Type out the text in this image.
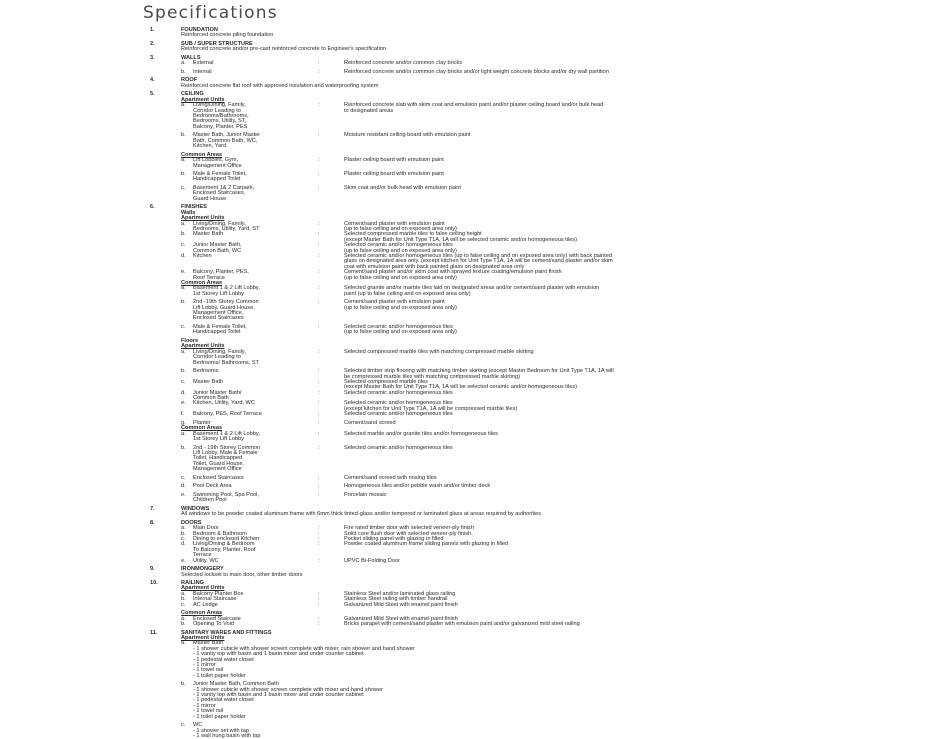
Specifications
1.	FOUNDATION
Reinforced concrete piling foundation
2.	SUB / SUPER STRUCTURE
Reinforced concrete and/or pre-cast reinforced concrete to Engineer's specification
3.	WALLS
a. External	:	Reinforced concrete and/or common clay bricks
b. Internal	:	Reinforced concrete and/or common clay bricks and/or light weight concrete blocks and/or dry wall partition
4.	ROOF
Reinforced concrete flat roof with approved insulation and waterproofing system
5.	CEILING
Apartment Units
a. Living/Dining, Family,	:	Reinforced concrete slab with skim coat and emulsion paint and/or plaster ceiling board and/or bulk head
Corridor Leading to	to designated areas
Bedrooms/Bathrooms,
Bedrooms, Utility, ST,
Balcony, Planter, PES
b. Master Bath, Junior Master	:	Moisture resistant ceiling board with emulsion paint
Bath, Common Bath, WC,
Kitchen, Yard
Common Areas
a. Lift Lobbies, Gym,	:	Plaster ceiling board with emulsion paint
Management Office
b. Male & Female Toilet,	:	Plaster ceiling board with emulsion paint
Handicapped Toilet
c. Basement 1& 2 Carpark,	:	Skim coat and/or bulk head with emulsion paint
Enclosed Staircases,
Guard House
6.	FINISHES
Walls
Apartment Units
a. Living/Dining, Family,	:	Cement/sand plaster with emulsion paint
Bedrooms, Utility, Yard, ST	(up to false ceiling and on exposed area only)
b. Master Bath	:	Selected compressed marble tiles to false ceiling height
(except Master Bath for Unit Type T1A, 1A will be selected ceramic and/or homogeneous tiles)
c. Junior Master Bath,	:	Selected ceramic and/or homogeneous tiles
Common Bath, WC	(up to false ceiling and on exposed area only)
d. Kitchen	:	Selected ceramic and/or homogeneous tiles (up to false ceiling and on exposed area only) with back painted
glass on designated area only. (except kitchen for Unit Type T1A, 1A will be cement/sand plaster and/or skim
coat with emulsion paint with back painted glass on designated area only
e. Balcony, Planter, PES,	:	Cement/sand plaster and/or skim coat with sprayed texture coating/emulsion paint finish
Roof Terrace	(up to false ceiling and on exposed area only)
Common Areas
a. Basement 1 & 2 Lift Lobby,	:	Selected granite and/or marble tiles laid on designated areas and/or cement/sand plaster with emulsion
1st Storey Lift Lobby	paint (up to false ceiling and on exposed area only)
b. 2nd -19th Storey Common	:	Cement/sand plaster with emulsion paint
Lift Lobby, Guard House,	(up to false ceiling and on exposed area only)
Management Office,
Enclosed Staircases
c. Male & Female Toilet,	:	Selected ceramic and/or homogeneous tiles
Handicapped Toilet	(up to false ceiling and on exposed area only)
Floors
Apartment Units
a. Living/Dining, Family,	:	Selected compressed marble tiles with matching compressed marble skirting
Corridor Leading to
Bedrooms/ Bathrooms, ST
b. Bedrooms	:	Selected timber strip flooring with matching timber skirting (except Master Bedroom for Unit Type T1A, 1A will
be compressed marble tiles with matching compressed marble skirting)
c. Master Bath	:	Selected compressed marble tiles
(except Master Bath for Unit Type T1A, 1A will be selected ceramic and/or homogeneous tiles)
d. Junior Master Bath/	:	Selected ceramic and/or homogeneous tiles
Common Bath
e. Kitchen, Utility, Yard, WC	:	Selected ceramic and/or homogeneous tiles
(except kitchen for Unit Type T1A, 1A will be compressed marble tiles)
f. Balcony, PES, Roof Terrace	:	Selected ceramic and/or homogeneous tiles
g. Planter	:	Cement/sand screed
Common Areas
a. Basement 1 & 2 Lift Lobby,	:	Selected marble and/or granite tiles and/or homogeneous tiles
1st Storey Lift Lobby
b. 2nd - 19th Storey Common	:	Selected ceramic and/or homogeneous tiles
Lift Lobby, Male & Female
Toilet, Handicapped
Toilet, Guard House,
Management Office
c. Enclosed Staircases	:	Cement/sand screed with nosing tiles
d. Pool Deck Area	:	Homogeneous tiles and/or pebble wash and/or timber deck
e. Swimming Pool, Spa Pool,	:	Porcelain mosaic
Children Pool
7.	WINDOWS
All windows to be powder coated aluminum frame with 6mm thick tinted-glass and/or tempered or laminated glass at areas required by authorities
8.	DOORS
a. Main Door	:	Fire rated timber door with selected veneer-ply finish
b. Bedroom & Bathroom	:	Solid core flush door with selected veneer-ply finish
c. Dining to enclosed Kitchen	:	Pocket sliding panel with glazing in filled
d. Living/Dining & Bedroom	:	Powder coated aluminum frame sliding panels with glazing in filled
To Balcony, Planter, Roof
Terrace
e. Utility, WC	:	UPVC Bi-Folding Door
9.	IRONMONGERY
Selected lockset to main door, other timber doors
10.	RAILING
Apartment Units
a. Balcony Planter Box	:	Stainless Steel and/or laminated glass railing
b. Internal Staircase	:	Stainless Steel railing with timber handrail
c. AC Ledge	:	Galvanized Mild Steel with enamel paint finish
Common Areas
a. Enclosed Staircase	:	Galvanized Mild Steel with enamel paint finish
b. Opening To Void	:	Bricks parapet with cement/sand plaster with emulsion paint and/or galvanized mild steel railing
11.	SANITARY WARES AND FITTINGS
Apartment Units
a. Master Bath
- 1 shower cubicle with shower screen complete with mixer, rain shower and hand shower
- 1 vanity top with basin and 1 basin mixer and under counter cabinet
- 1 pedestal water closet
- 1 mirror
- 1 towel rail
- 1 toilet paper holder
b. Junior Master Bath, Common Bath
- 1 shower cubicle with shower screen complete with mixer and hand shower
- 1 vanity top with basin and 1 basin mixer and under counter cabinet
- 1 pedestal water closet
- 1 mirror
- 1 towel rail
- 1 toilet paper holder
c. WC
- 1 shower set with tap
- 1 wall hung basin with tap
